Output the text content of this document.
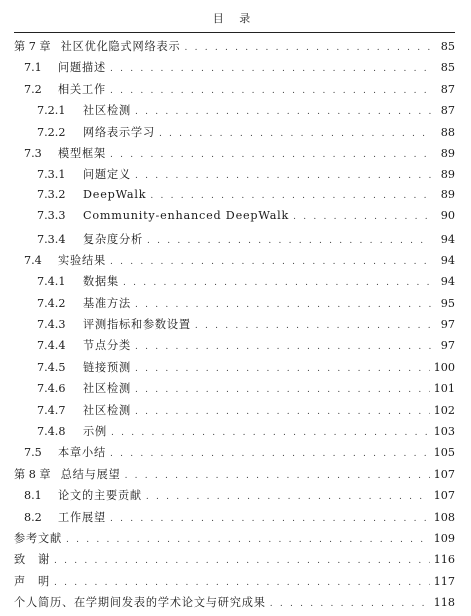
目 录
第 7 章 社区优化隐式网络表示 . . .	85
7.1	问题描述 . . .	85
7.2	相关工作 . . .	87
7.2.1	社区检测 . . .	87
7.2.2	网络表示学习 . . .	88
7.3	模型框架 . . .	89
7.3.1	问题定义 . . .	89
7.3.2	DeepWalk . . .	89
7.3.3	Community-enhanced DeepWalk . . .	90
7.3.4	复杂度分析 . . .	94
7.4	实验结果 . . .	94
7.4.1	数据集 . . .	94
7.4.2	基准方法 . . .	95
7.4.3	评测指标和参数设置 . . .	97
7.4.4	节点分类 . . .	97
7.4.5	链接预测 . . .	100
7.4.6	社区检测 . . .	101
7.4.7	社区检测 . . .	102
7.4.8	示例 . . .	103
7.5	本章小结 . . .	105
第 8 章 总结与展望 . . .	107
8.1	论文的主要贡献 . . .	107
8.2	工作展望 . . .	108
参考文献 . . .	109
致　谢 . . .	116
声　明 . . .	117
个人简历、在学期间发表的学术论文与研究成果 . . .	118
